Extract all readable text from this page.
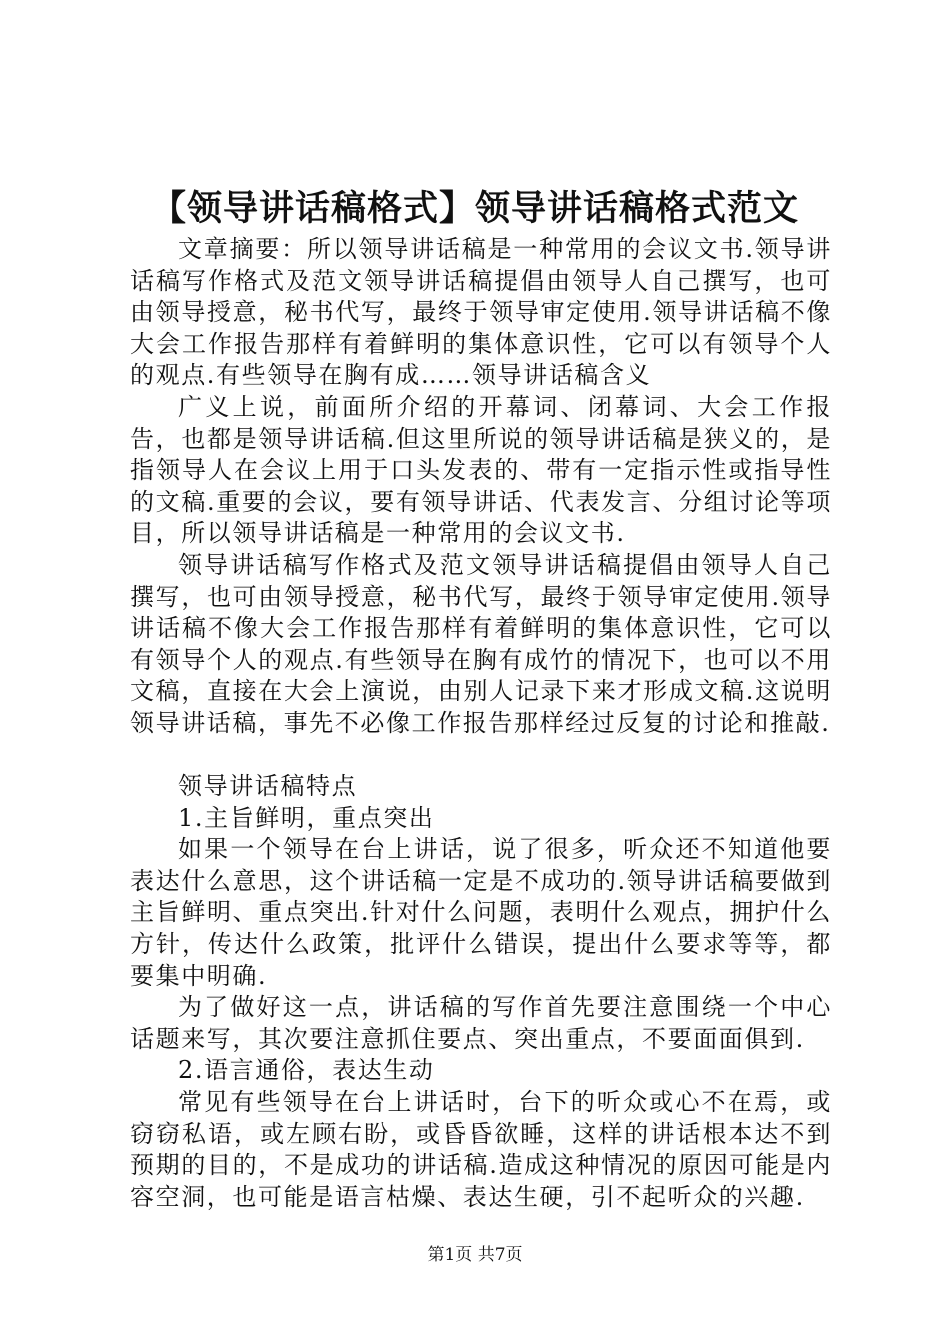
【领导讲话稿格式】领导讲话稿格式范文

文章摘要：所以领导讲话稿是一种常用的会议文书.领导讲话稿写作格式及范文领导讲话稿提倡由领导人自己撰写，也可由领导授意，秘书代写，最终于领导审定使用.领导讲话稿不像大会工作报告那样有着鲜明的集体意识性，它可以有领导个人的观点.有些领导在胸有成……领导讲话稿含义

广义上说，前面所介绍的开幕词、闭幕词、大会工作报告，也都是领导讲话稿.但这里所说的领导讲话稿是狭义的，是指领导人在会议上用于口头发表的、带有一定指示性或指导性的文稿.重要的会议，要有领导讲话、代表发言、分组讨论等项目，所以领导讲话稿是一种常用的会议文书.

领导讲话稿写作格式及范文领导讲话稿提倡由领导人自己撰写，也可由领导授意，秘书代写，最终于领导审定使用.领导讲话稿不像大会工作报告那样有着鲜明的集体意识性，它可以有领导个人的观点.有些领导在胸有成竹的情况下，也可以不用文稿，直接在大会上演说，由别人记录下来才形成文稿.这说明领导讲话稿，事先不必像工作报告那样经过反复的讨论和推敲.

领导讲话稿特点

1.主旨鲜明，重点突出

如果一个领导在台上讲话，说了很多，听众还不知道他要表达什么意思，这个讲话稿一定是不成功的.领导讲话稿要做到主旨鲜明、重点突出.针对什么问题，表明什么观点，拥护什么方针，传达什么政策，批评什么错误，提出什么要求等等，都要集中明确.

为了做好这一点，讲话稿的写作首先要注意围绕一个中心话题来写，其次要注意抓住要点、突出重点，不要面面俱到.

2.语言通俗，表达生动

常见有些领导在台上讲话时，台下的听众或心不在焉，或窃窃私语，或左顾右盼，或昏昏欲睡，这样的讲话根本达不到预期的目的，不是成功的讲话稿.造成这种情况的原因可能是内容空洞，也可能是语言枯燥、表达生硬，引不起听众的兴趣.

第1页 共7页
